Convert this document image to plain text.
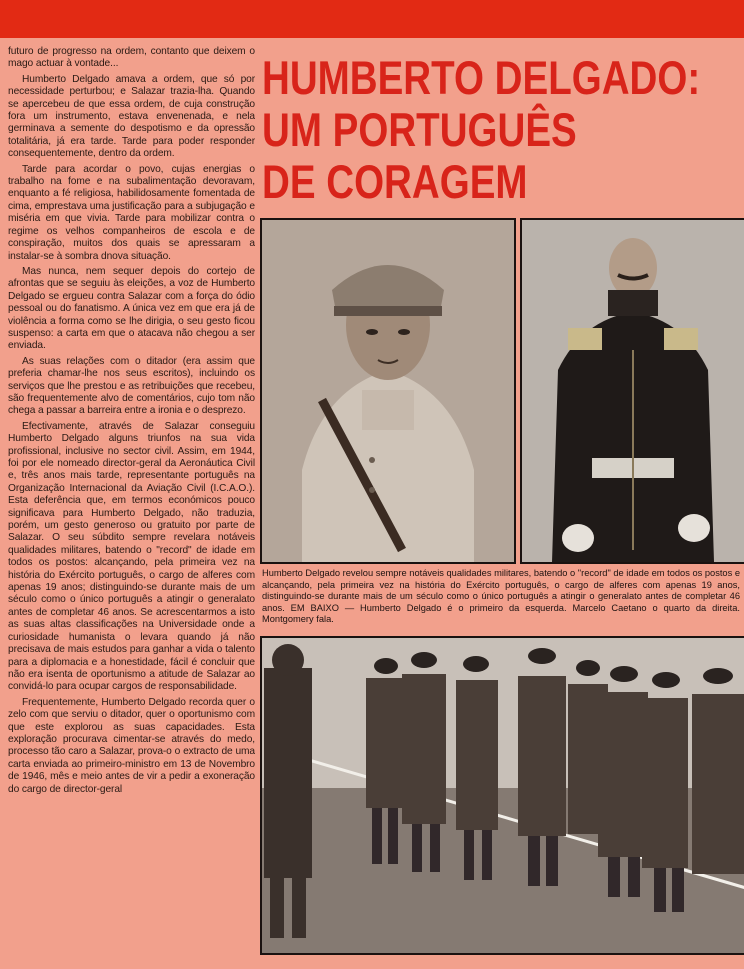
futuro de progresso na ordem, contanto que deixem o mago actuar à vontade...

Humberto Delgado amava a ordem, que só por necessidade perturbou; e Salazar trazia-lha. Quando se apercebeu de que essa ordem, de cuja construção fora um instrumento, estava envenenada, e nela germinava a semente do despotismo e da opressão totalitária, já era tarde. Tarde para poder responder consequentemente, dentro da ordem.

Tarde para acordar o povo, cujas energias o trabalho na fome e na subalimentação devoravam, enquanto a fé religiosa, habilidosamente fomentada de cima, emprestava uma justificação para a subjugação e miséria em que vivia. Tarde para mobilizar contra o regime os velhos companheiros de escola e de conspiração, muitos dos quais se apressaram a instalar-se à sombra dnova situação.

Mas nunca, nem sequer depois do cortejo de afrontas que se seguiu às eleições, a voz de Humberto Delgado se ergueu contra Salazar com a força do ódio pessoal ou do fanatismo. A única vez em que era já de violência a forma como se lhe dirigia, o seu gesto ficou suspenso: a carta em que o atacava não chegou a ser enviada.

As suas relações com o ditador (era assim que preferia chamar-lhe nos seus escritos), incluindo os serviços que lhe prestou e as retribuições que recebeu, são frequentemente alvo de comentários, cujo tom não chega a passar a barreira entre a ironia e o desprezo.

Efectivamente, através de Salazar conseguiu Humberto Delgado alguns triunfos na sua vida profissional, inclusive no sector civil. Assim, em 1944, foi por ele nomeado director-geral da Aeronáutica Civil e, três anos mais tarde, representante português na Organização Internacional da Aviação Civil (I.C.A.O.). Esta deferência que, em termos económicos pouco significava para Humberto Delgado, não traduzia, porém, um gesto generoso ou gratuito por parte de Salazar. O seu súbdito sempre revelara notáveis qualidades militares, batendo o "record" de idade em todos os postos: alcançando, pela primeira vez na história do Exército português, o cargo de alferes com apenas 19 anos; distinguindo-se durante mais de um século como o único português a atingir o generalato antes de completar 46 anos. Se acrescentarmos a isto as suas altas classificações na Universidade onde a curiosidade humanista o levara quando já não precisava de mais estudos para ganhar a vida o talento para a diplomacia e a honestidade, fácil é concluir que não era isenta de oportunismo a atitude de Salazar ao convidá-lo para ocupar cargos de responsabilidade.

Frequentemente, Humberto Delgado recorda quer o zelo com que serviu o ditador, quer o oportunismo com que este explorou as suas capacidades. Esta exploração procurava cimentar-se através do medo, processo tão caro a Salazar, prova-o o extracto de uma carta enviada ao primeiro-ministro em 13 de Novembro de 1946, mês e meio antes de vir a pedir a exoneração do cargo de director-geral

HUMBERTO DELGADO:
UM PORTUGUÊS
DE CORAGEM
Humberto Delgado revelou sempre notáveis qualidades militares, batendo o "record" de idade em todos os postos e alcançando, pela primeira vez na história do Exército português, o cargo de alferes com apenas 19 anos, distinguindo-se durante mais de um século como o único português a atingir o generalato antes de completar 46 anos. EM BAIXO — Humberto Delgado é o primeiro da esquerda. Marcelo Caetano o quarto da direita. Montgomery fala.
